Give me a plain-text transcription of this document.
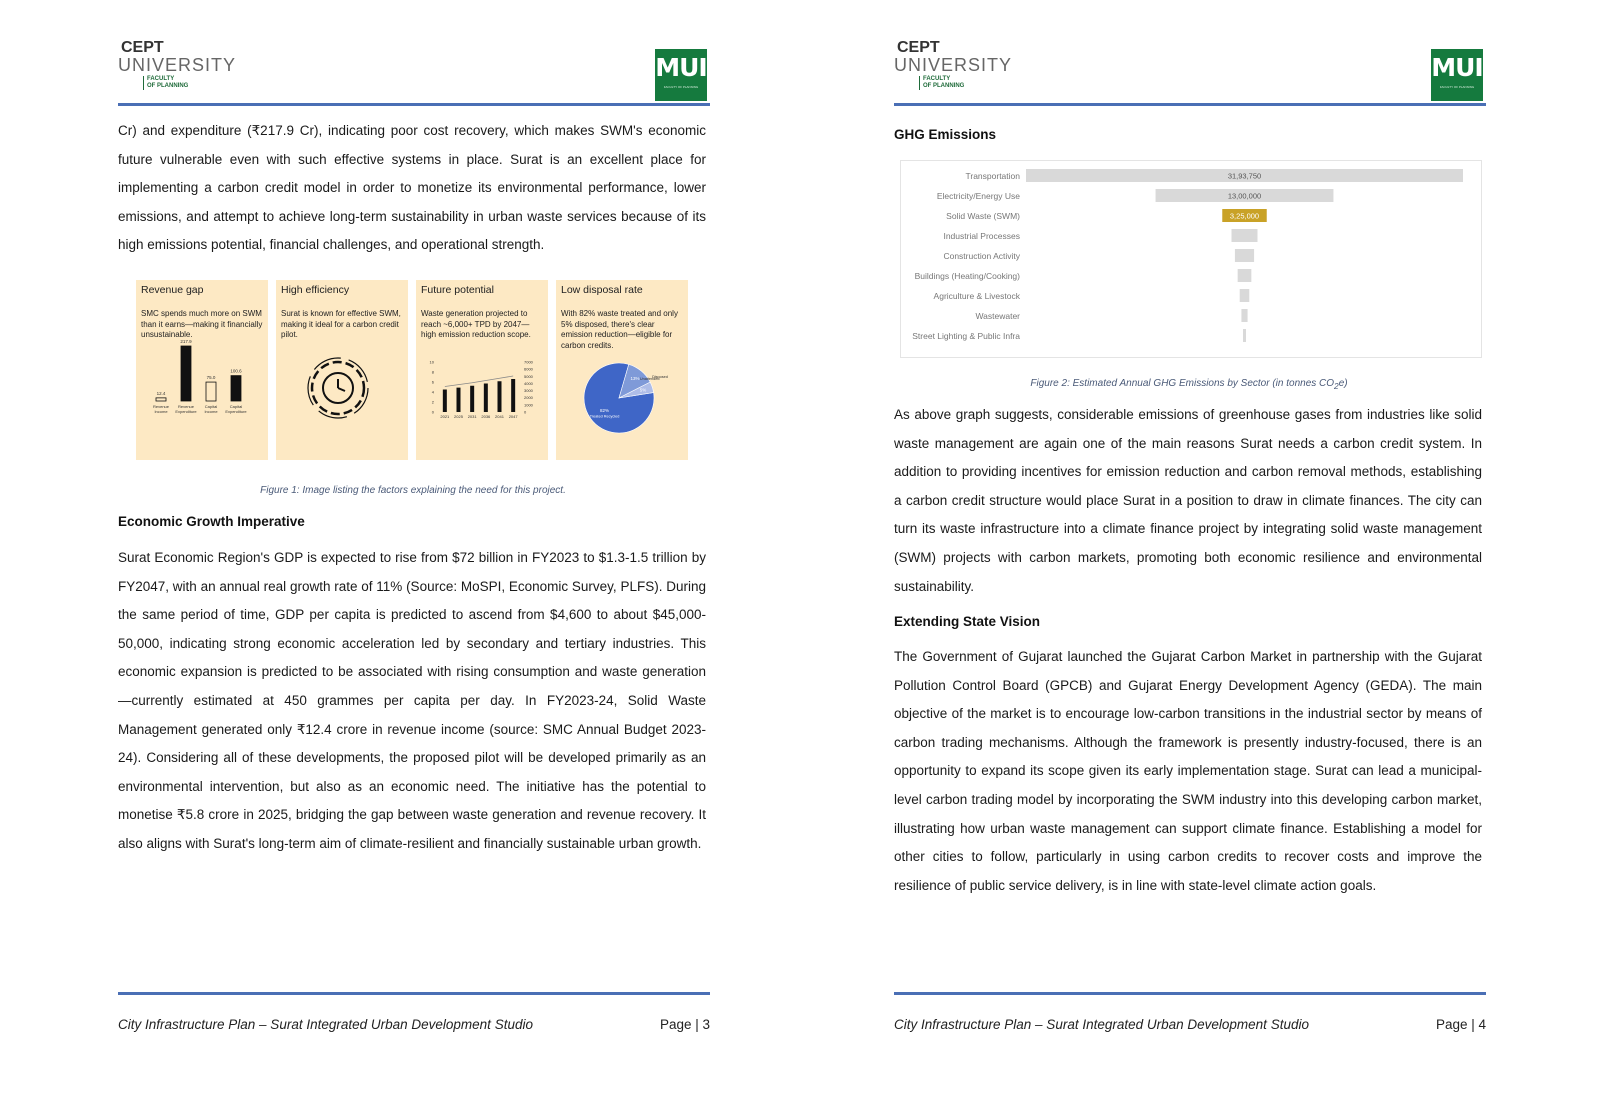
CEPT
UNIVERSITY
FACULTY
OF PLANNING
MUI
FACULTY OF PLANNING

Cr) and expenditure (₹217.9 Cr), indicating poor cost recovery, which makes SWM's economic future vulnerable even with such effective systems in place. Surat is an excellent place for implementing a carbon credit model in order to monetize its environmental performance, lower emissions, and attempt to achieve long-term sustainability in urban waste services because of its high emissions potential, financial challenges, and operational strength.

Revenue gap
SMC spends much more on SWM than it earns—making it financially unsustainable.
12.4
Revenue
Income
217.9
Revenue
Expenditure
75.0
Capital
Income
100.6
Capital
Expenditure
High efficiency
Surat is known for effective SWM, making it ideal for a carbon credit pilot.
Future potential
Waste generation projected to reach ~6,000+ TPD by 2047—high emission reduction scope.
10
8
6
4
2
0
7000
6000
5000
4000
3000
2000
1000
0
2021 2025 2031 2036 2041 2047
Low disposal rate
With 82% waste treated and only 5% disposed, there's clear emission reduction—eligible for carbon credits.
82%
Treated Recycled
13% Unattended
5%
Disposed
Figure 1: Image listing the factors explaining the need for this project.

Economic Growth Imperative

Surat Economic Region's GDP is expected to rise from $72 billion in FY2023 to $1.3-1.5 trillion by FY2047, with an annual real growth rate of 11% (Source: MoSPI, Economic Survey, PLFS). During the same period of time, GDP per capita is predicted to ascend from $4,600 to about $45,000-50,000, indicating strong economic acceleration led by secondary and tertiary industries. This economic expansion is predicted to be associated with rising consumption and waste generation—currently estimated at 450 grammes per capita per day. In FY2023-24, Solid Waste Management generated only ₹12.4 crore in revenue income (source: SMC Annual Budget 2023-24). Considering all of these developments, the proposed pilot will be developed primarily as an environmental intervention, but also as an economic need. The initiative has the potential to monetise ₹5.8 crore in 2025, bridging the gap between waste generation and revenue recovery. It also aligns with Surat's long-term aim of climate-resilient and financially sustainable urban growth.

City Infrastructure Plan – Surat Integrated Urban Development Studio	Page | 3
CEPT
UNIVERSITY
FACULTY
OF PLANNING
MUI
FACULTY OF PLANNING

GHG Emissions

Transportation	31,93,750
Electricity/Energy Use	13,00,000
Solid Waste (SWM)	3,25,000
Industrial Processes
Construction Activity
Buildings (Heating/Cooking)
Agriculture & Livestock
Wastewater
Street Lighting & Public Infra
Figure 2: Estimated Annual GHG Emissions by Sector (in tonnes $CO_2e$)

As above graph suggests, considerable emissions of greenhouse gases from industries like solid waste management are again one of the main reasons Surat needs a carbon credit system. In addition to providing incentives for emission reduction and carbon removal methods, establishing a carbon credit structure would place Surat in a position to draw in climate finances. The city can turn its waste infrastructure into a climate finance project by integrating solid waste management (SWM) projects with carbon markets, promoting both economic resilience and environmental sustainability.

Extending State Vision

The Government of Gujarat launched the Gujarat Carbon Market in partnership with the Gujarat Pollution Control Board (GPCB) and Gujarat Energy Development Agency (GEDA). The main objective of the market is to encourage low-carbon transitions in the industrial sector by means of carbon trading mechanisms. Although the framework is presently industry-focused, there is an opportunity to expand its scope given its early implementation stage. Surat can lead a municipal-level carbon trading model by incorporating the SWM industry into this developing carbon market, illustrating how urban waste management can support climate finance. Establishing a model for other cities to follow, particularly in using carbon credits to recover costs and improve the resilience of public service delivery, is in line with state-level climate action goals.

City Infrastructure Plan – Surat Integrated Urban Development Studio	Page | 4
